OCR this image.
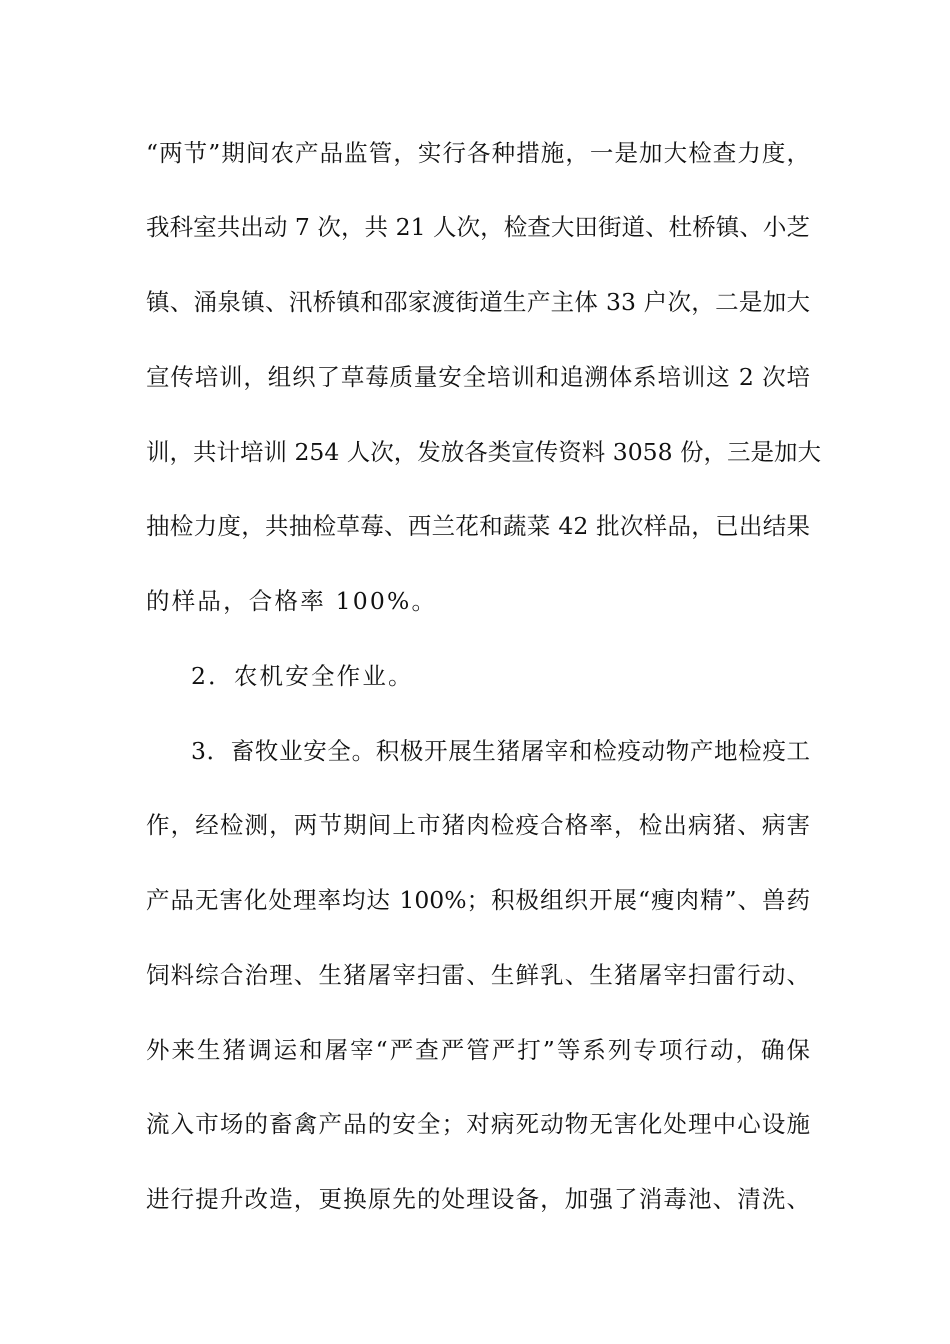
“两节”期间农产品监管，实行各种措施，一是加大检查力度，
我科室共出动 7 次，共 21 人次，检查大田街道、杜桥镇、小芝
镇、涌泉镇、汛桥镇和邵家渡街道生产主体 33 户次，二是加大
宣传培训，组织了草莓质量安全培训和追溯体系培训这 2 次培
训，共计培训 254 人次，发放各类宣传资料 3058 份，三是加大
抽检力度，共抽检草莓、西兰花和蔬菜 42 批次样品，已出结果
的样品，合格率 100%。
2．农机安全作业。
3．畜牧业安全。积极开展生猪屠宰和检疫动物产地检疫工
作，经检测，两节期间上市猪肉检疫合格率，检出病猪、病害
产品无害化处理率均达 100%；积极组织开展“瘦肉精”、兽药
饲料综合治理、生猪屠宰扫雷、生鲜乳、生猪屠宰扫雷行动、
外来生猪调运和屠宰“严查严管严打”等系列专项行动，确保
流入市场的畜禽产品的安全；对病死动物无害化处理中心设施
进行提升改造，更换原先的处理设备，加强了消毒池、清洗、
